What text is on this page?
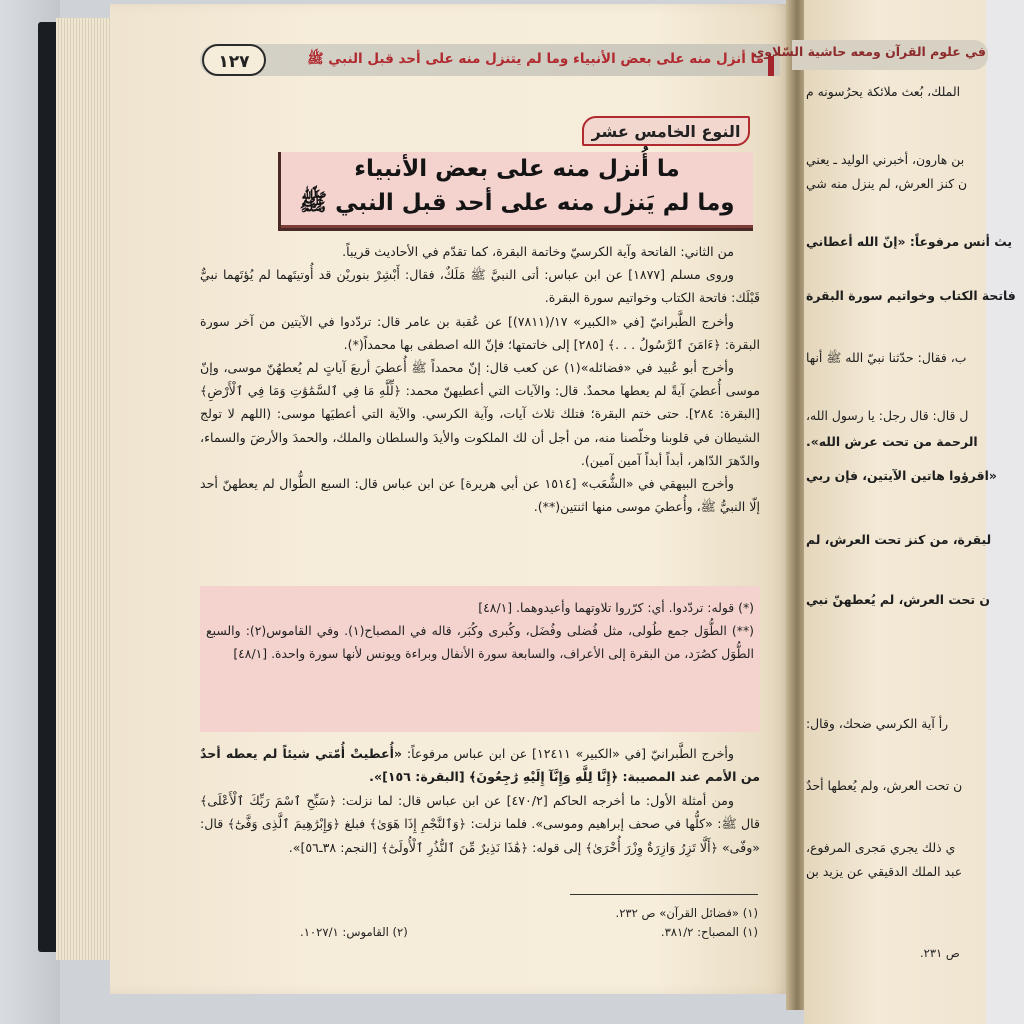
١٢٧	ما أنزل منه على بعض الأنبياء وما لم يتنزل منه على أحد قبل النبي ﷺ
النوع الخامس عشر
ما أُنزل منه على بعض الأنبياء
وما لم يَنزل منه على أحد قبل النبي ﷺ

من الثاني: الفاتحة وآية الكرسيّ وخاتمة البقرة، كما تقدّم في الأحاديث قريباً.

وروى مسلم [١٨٧٧] عن ابن عباس: أتى النبيَّ ﷺ مَلَكٌ، فقال: أَبْشِرْ بنوريْن قد أُوتيتَهما لم يُؤتَهما نبيٌّ قَبْلَك: فاتحة الكتاب وخواتيم سورة البقرة.

وأخرج الطَّبرانيّ [في «الكبير» ١٧/(٧٨١١)] عن عُقبة بن عامر قال: تردّدوا في الآيتين من آخر سورة البقرة: ﴿ءَامَنَ ٱلرَّسُولُ . . .﴾ [٢٨٥] إلى خاتمتها؛ فإنّ الله اصطفى بها محمداً(*).

وأخرج أبو عُبيد في «فضائله»(١) عن كعب قال: إنّ محمداً ﷺ أُعطيَ أربعَ آياتٍ لم يُعطهُنّ موسى، وإنّ موسى أُعطيَ آيةً لم يعطها محمدٌ. قال: والآيات التي أعطيهنّ محمد: ﴿لِّلَّهِ مَا فِي ٱلسَّمَٰوَٰتِ وَمَا فِي ٱلْأَرْضِ﴾ [البقرة: ٢٨٤]. حتى ختم البقرة؛ فتلك ثلاث آيات، وآية الكرسي. والآية التي أعطيَها موسى: (اللهم لا تولج الشيطان في قلوبنا وخلّصنا منه، من أجل أن لك الملكوت والأيدَ والسلطان والملك، والحمدَ والأرضَ والسماء، والدّهرَ الدّاهر، أبداً أبداً آمين آمين).

وأخرج البيهقي في «الشُّعَب» [١٥١٤ عن أبي هريرة] عن ابن عباس قال: السبع الطُّوال لم يعطهنّ أحد إلّا النبيُّ ﷺ، وأُعطيَ موسى منها اثنتين(**).

(*) قوله: تردّدوا. أي: كرّروا تلاوتهما وأعيدوهما. [٤٨/١]

(**) الطُّوَل جمع طُولى، مثل فُضلى وفُضَل، وكُبرى وكُبَر، قاله في المصباح(١). وفي القاموس(٢): والسبع الطُّوَل كصُرَد، من البقرة إلى الأعراف، والسابعة سورة الأنفال وبراءة ويونس لأنها سورة واحدة. [٤٨/١]

وأخرج الطَّبرانيّ [في «الكبير» ١٢٤١١] عن ابن عباس مرفوعاً: «أُعطيتْ أُمّتي شيئاً لم يعطه أحدٌ من الأمم عند المصيبة: ﴿إِنَّا لِلَّهِ وَإِنَّآ إِلَيْهِ رَٰجِعُونَ﴾ [البقرة: ١٥٦]».

ومن أمثلة الأول: ما أخرجه الحاكم [٤٧٠/٢] عن ابن عباس قال: لما نزلت: ﴿سَبِّحِ ٱسْمَ رَبِّكَ ٱلْأَعْلَى﴾ قال ﷺ: «كلُّها في صحف إبراهيم وموسى». فلما نزلت: ﴿وَٱلنَّجْمِ إِذَا هَوَىٰ﴾ فبلغ ﴿وَإِبْرَٰهِيمَ ٱلَّذِى وَفَّىٰٓ﴾ قال: «وفّى» ﴿أَلَّا تَزِرُ وَازِرَةٌ وِزْرَ أُخْرَىٰ﴾ إلى قوله: ﴿هَٰذَا نَذِيرٌ مِّنَ ٱلنُّذُرِ ٱلْأُولَىٰٓ﴾ [النجم: ٣٨ـ٥٦]».

(١) «فضائل القرآن» ص ٢٣٢.
(١) المصباح: ٣٨١/٢.
(٢) القاموس: ١٠٢٧/١.
في علوم القرآن ومعه حاشية السّلاوي
الملك، بُعث ملائكة يحرُسونه م
بن هارون، أخبرني الوليد ـ يعني
ن كنز العرش، لم ينزل منه شي
يث أنس مرفوعاً: «إنّ الله أعطاني
فاتحة الكتاب وخواتيم سورة البقرة
ب، فقال: حدّثنا نبيّ الله ﷺ أنها
ل قال: قال رجل: يا رسول الله،
الرحمة من تحت عرش الله».
«اقرؤوا هاتين الآيتين، فإن ربي
لبقرة، من كنز تحت العرش، لم
ن تحت العرش، لم يُعطهنّ نبي
رأ آية الكرسي ضحك، وقال:
ن تحت العرش، ولم يُعطها أحدٌ
ي ذلك يجري مَجرى المرفوع،
عبد الملك الدقيقي عن يزيد بن
ص ٢٣١.
